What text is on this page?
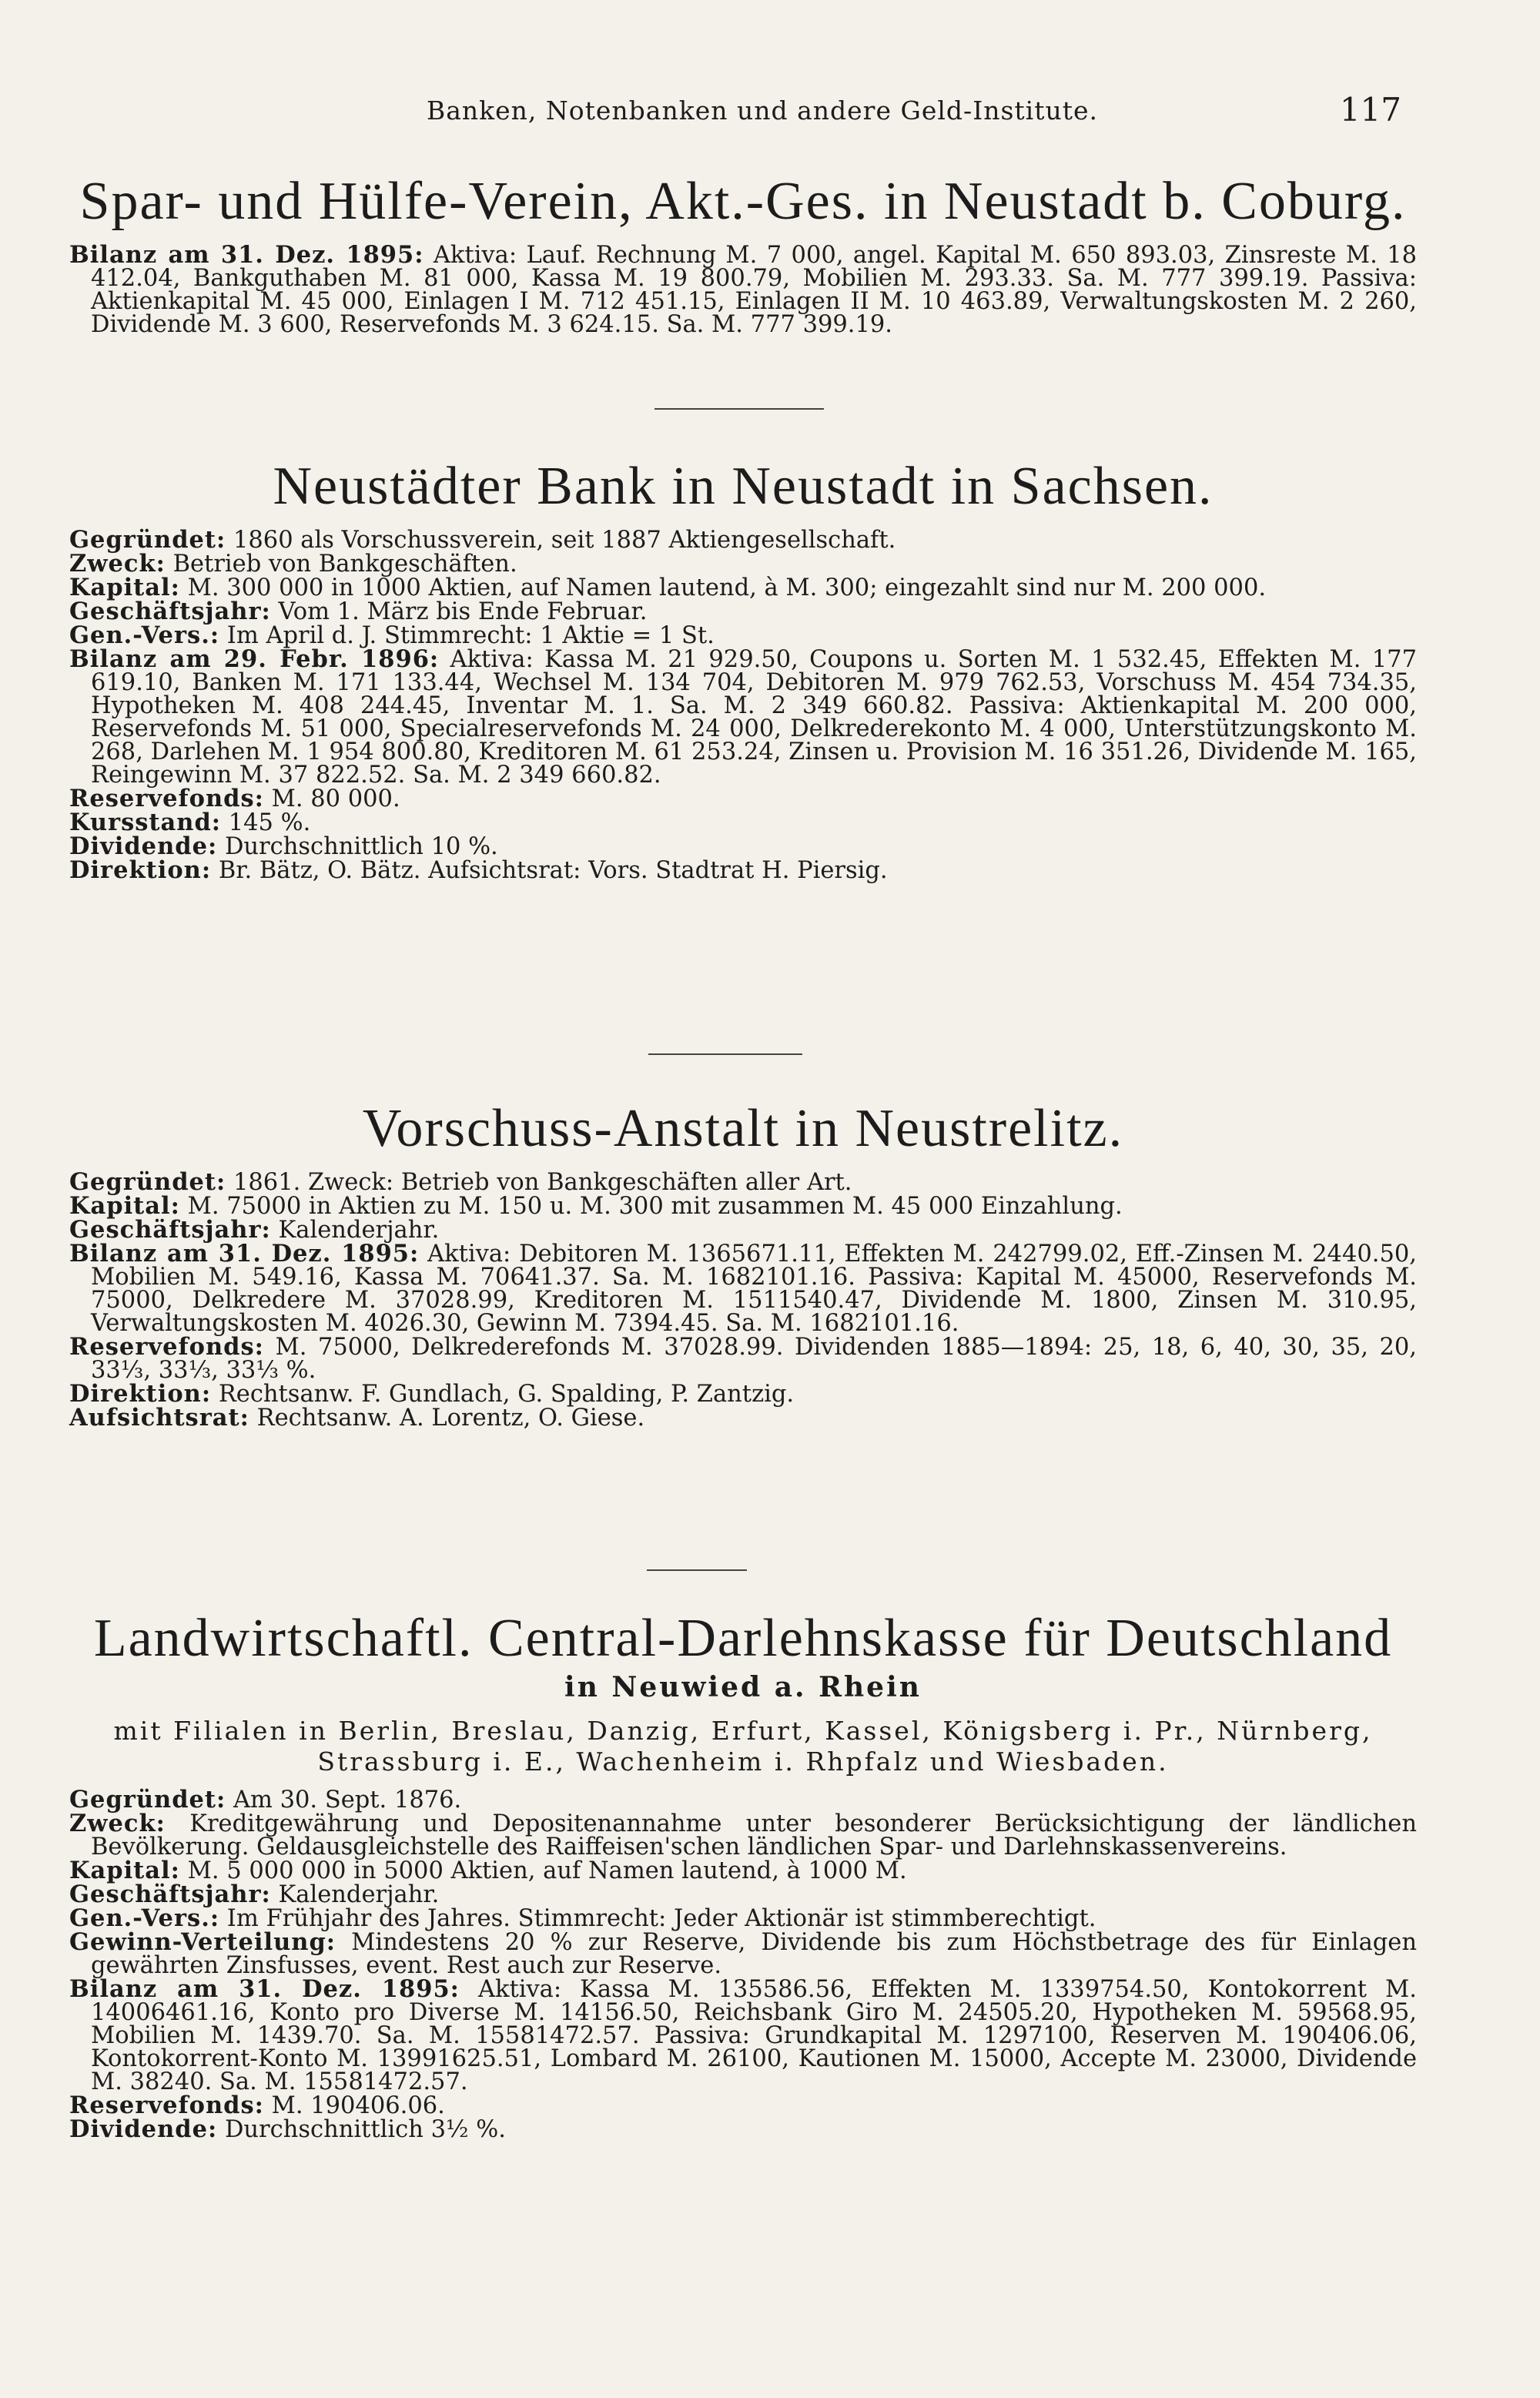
Banken, Notenbanken und andere Geld-Institute.	117
Spar- und Hülfe-Verein, Akt.-Ges. in Neustadt b. Coburg.

Bilanz am 31. Dez. 1895: Aktiva: Lauf. Rechnung M. 7 000, angel. Kapital M. 650 893.03, Zinsreste M. 18 412.04, Bankguthaben M. 81 000, Kassa M. 19 800.79, Mobilien M. 293.33. Sa. M. 777 399.19. Passiva: Aktienkapital M. 45 000, Einlagen I M. 712 451.15, Einlagen II M. 10 463.89, Verwaltungskosten M. 2 260, Dividende M. 3 600, Reservefonds M. 3 624.15. Sa. M. 777 399.19.

Neustädter Bank in Neustadt in Sachsen.

Gegründet: 1860 als Vorschussverein, seit 1887 Aktiengesellschaft.

Zweck: Betrieb von Bankgeschäften.

Kapital: M. 300 000 in 1000 Aktien, auf Namen lautend, à M. 300; eingezahlt sind nur M. 200 000.

Geschäftsjahr: Vom 1. März bis Ende Februar.

Gen.-Vers.: Im April d. J. Stimmrecht: 1 Aktie = 1 St.

Bilanz am 29. Febr. 1896: Aktiva: Kassa M. 21 929.50, Coupons u. Sorten M. 1 532.45, Effekten M. 177 619.10, Banken M. 171 133.44, Wechsel M. 134 704, Debitoren M. 979 762.53, Vorschuss M. 454 734.35, Hypotheken M. 408 244.45, Inventar M. 1. Sa. M. 2 349 660.82. Passiva: Aktienkapital M. 200 000, Reservefonds M. 51 000, Specialreservefonds M. 24 000, Delkrederekonto M. 4 000, Unterstützungskonto M. 268, Darlehen M. 1 954 800.80, Kreditoren M. 61 253.24, Zinsen u. Provision M. 16 351.26, Dividende M. 165, Reingewinn M. 37 822.52. Sa. M. 2 349 660.82.

Reservefonds: M. 80 000.

Kursstand: 145 %.

Dividende: Durchschnittlich 10 %.

Direktion: Br. Bätz, O. Bätz. Aufsichtsrat: Vors. Stadtrat H. Piersig.

Vorschuss-Anstalt in Neustrelitz.

Gegründet: 1861. Zweck: Betrieb von Bankgeschäften aller Art.

Kapital: M. 75000 in Aktien zu M. 150 u. M. 300 mit zusammen M. 45 000 Einzahlung.

Geschäftsjahr: Kalenderjahr.

Bilanz am 31. Dez. 1895: Aktiva: Debitoren M. 1365671.11, Effekten M. 242799.02, Eff.-Zinsen M. 2440.50, Mobilien M. 549.16, Kassa M. 70641.37. Sa. M. 1682101.16. Passiva: Kapital M. 45000, Reservefonds M. 75000, Delkredere M. 37028.99, Kreditoren M. 1511540.47, Dividende M. 1800, Zinsen M. 310.95, Verwaltungskosten M. 4026.30, Gewinn M. 7394.45. Sa. M. 1682101.16.

Reservefonds: M. 75000, Delkrederefonds M. 37028.99. Dividenden 1885—1894: 25, 18, 6, 40, 30, 35, 20, 33⅓, 33⅓, 33⅓ %.

Direktion: Rechtsanw. F. Gundlach, G. Spalding, P. Zantzig.

Aufsichtsrat: Rechtsanw. A. Lorentz, O. Giese.

Landwirtschaftl. Central-Darlehnskasse für Deutschland
in Neuwied a. Rhein
mit Filialen in Berlin, Breslau, Danzig, Erfurt, Kassel, Königsberg i. Pr., Nürnberg, Strassburg i. E., Wachenheim i. Rhpfalz und Wiesbaden.

Gegründet: Am 30. Sept. 1876.

Zweck: Kreditgewährung und Depositenannahme unter besonderer Berücksichtigung der ländlichen Bevölkerung. Geldausgleichstelle des Raiffeisen'schen ländlichen Spar- und Darlehnskassenvereins.

Kapital: M. 5 000 000 in 5000 Aktien, auf Namen lautend, à 1000 M.

Geschäftsjahr: Kalenderjahr.

Gen.-Vers.: Im Frühjahr des Jahres. Stimmrecht: Jeder Aktionär ist stimmberechtigt.

Gewinn-Verteilung: Mindestens 20 % zur Reserve, Dividende bis zum Höchstbetrage des für Einlagen gewährten Zinsfusses, event. Rest auch zur Reserve.

Bilanz am 31. Dez. 1895: Aktiva: Kassa M. 135586.56, Effekten M. 1339754.50, Kontokorrent M. 14006461.16, Konto pro Diverse M. 14156.50, Reichsbank Giro M. 24505.20, Hypotheken M. 59568.95, Mobilien M. 1439.70. Sa. M. 15581472.57. Passiva: Grundkapital M. 1297100, Reserven M. 190406.06, Kontokorrent-Konto M. 13991625.51, Lombard M. 26100, Kautionen M. 15000, Accepte M. 23000, Dividende M. 38240. Sa. M. 15581472.57.

Reservefonds: M. 190406.06.

Dividende: Durchschnittlich 3½ %.
